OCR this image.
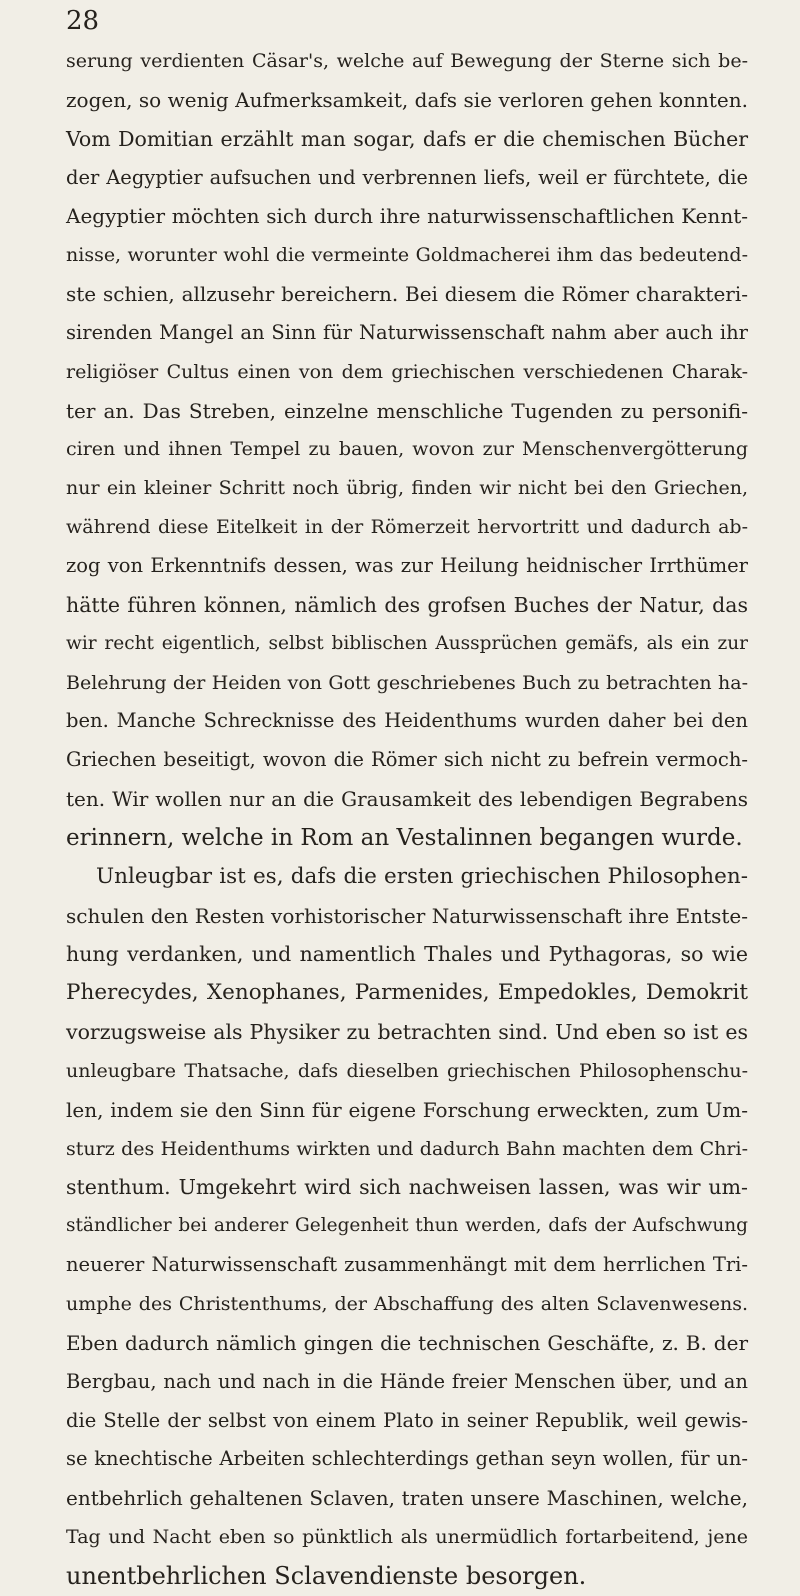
28
serung verdienten Cäsar's, welche auf Bewegung der Sterne sich be-
zogen, so wenig Aufmerksamkeit, dafs sie verloren gehen konnten.
Vom Domitian erzählt man sogar, dafs er die chemischen Bücher
der Aegyptier aufsuchen und verbrennen liefs, weil er fürchtete, die
Aegyptier möchten sich durch ihre naturwissenschaftlichen Kennt-
nisse, worunter wohl die vermeinte Goldmacherei ihm das bedeutend-
ste schien, allzusehr bereichern. Bei diesem die Römer charakteri-
sirenden Mangel an Sinn für Naturwissenschaft nahm aber auch ihr
religiöser Cultus einen von dem griechischen verschiedenen Charak-
ter an. Das Streben, einzelne menschliche Tugenden zu personifi-
ciren und ihnen Tempel zu bauen, wovon zur Menschenvergötterung
nur ein kleiner Schritt noch übrig, finden wir nicht bei den Griechen,
während diese Eitelkeit in der Römerzeit hervortritt und dadurch ab-
zog von Erkenntnifs dessen, was zur Heilung heidnischer Irrthümer
hätte führen können, nämlich des grofsen Buches der Natur, das
wir recht eigentlich, selbst biblischen Aussprüchen gemäfs, als ein zur
Belehrung der Heiden von Gott geschriebenes Buch zu betrachten ha-
ben. Manche Schrecknisse des Heidenthums wurden daher bei den
Griechen beseitigt, wovon die Römer sich nicht zu befrein vermoch-
ten. Wir wollen nur an die Grausamkeit des lebendigen Begrabens
erinnern, welche in Rom an Vestalinnen begangen wurde.
Unleugbar ist es, dafs die ersten griechischen Philosophen-
schulen den Resten vorhistorischer Naturwissenschaft ihre Entste-
hung verdanken, und namentlich Thales und Pythagoras, so wie
Pherecydes, Xenophanes, Parmenides, Empedokles, Demokrit
vorzugsweise als Physiker zu betrachten sind. Und eben so ist es
unleugbare Thatsache, dafs dieselben griechischen Philosophenschu-
len, indem sie den Sinn für eigene Forschung erweckten, zum Um-
sturz des Heidenthums wirkten und dadurch Bahn machten dem Chri-
stenthum. Umgekehrt wird sich nachweisen lassen, was wir um-
ständlicher bei anderer Gelegenheit thun werden, dafs der Aufschwung
neuerer Naturwissenschaft zusammenhängt mit dem herrlichen Tri-
umphe des Christenthums, der Abschaffung des alten Sclavenwesens.
Eben dadurch nämlich gingen die technischen Geschäfte, z. B. der
Bergbau, nach und nach in die Hände freier Menschen über, und an
die Stelle der selbst von einem Plato in seiner Republik, weil gewis-
se knechtische Arbeiten schlechterdings gethan seyn wollen, für un-
entbehrlich gehaltenen Sclaven, traten unsere Maschinen, welche,
Tag und Nacht eben so pünktlich als unermüdlich fortarbeitend, jene
unentbehrlichen Sclavendienste besorgen.
